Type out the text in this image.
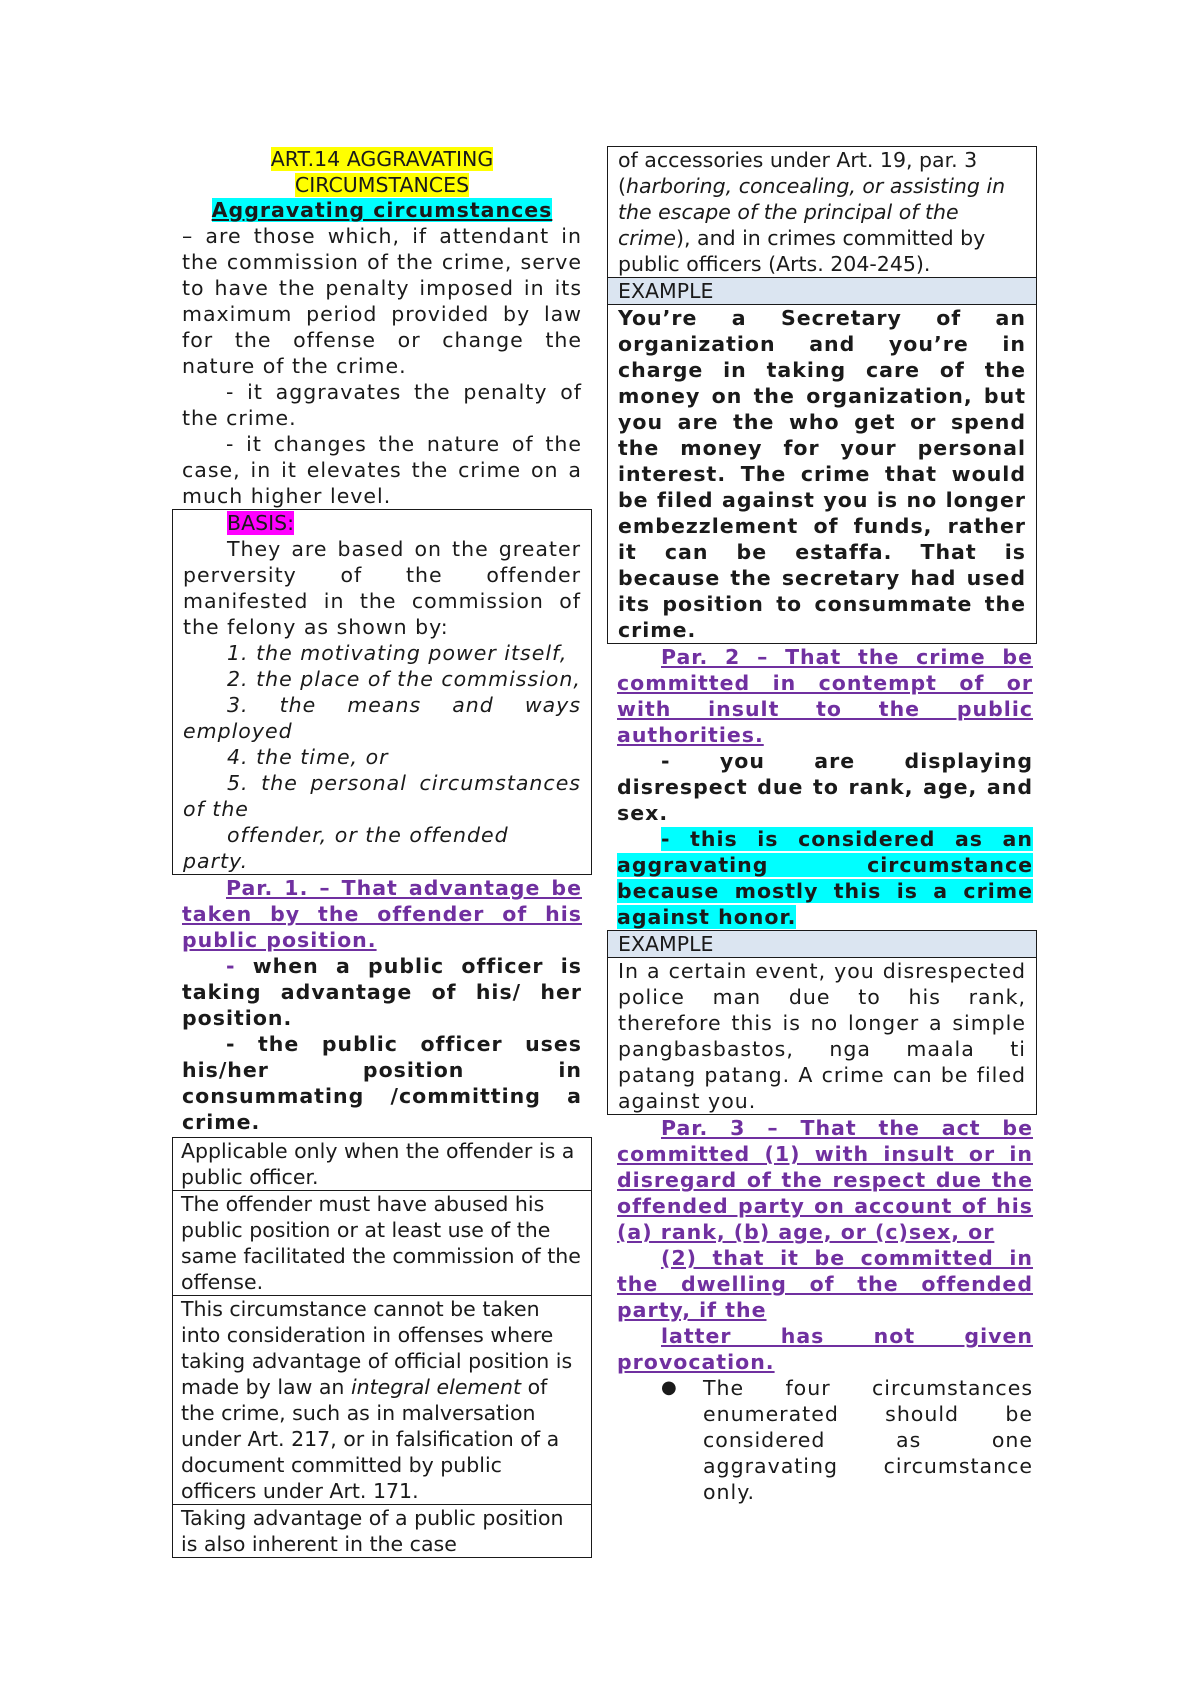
ART.14 AGGRAVATING
CIRCUMSTANCES

Aggravating circumstances

– are those which, if attendant in the commission of the crime, serve to have the penalty imposed in its maximum period provided by law for the offense or change the nature of the crime.

- it aggravates the penalty of the crime.

- it changes the nature of the case, in it elevates the crime on a much higher level.

BASIS:

They are based on the greater perversity of the offender manifested in the commission of the felony as shown by:

1. the motivating power itself,

2. the place of the commission,

3. the means and ways employed

4. the time, or

5. the personal circumstances of the

offender, or the offended party.

Par. 1. – That advantage be taken by the offender of his public position.

- when a public officer is taking advantage of his/ her position.

- the public officer uses his/her position in consummating /committing a crime.

Applicable only when the offender is a public officer.

The offender must have abused his public position or at least use of the same facilitated the commission of the offense.

This circumstance cannot be taken into consideration in offenses where taking advantage of official position is made by law an integral element of the crime, such as in malversation under Art. 217, or in falsification of a document committed by public officers under Art. 171.

Taking advantage of a public position is also inherent in the case

of accessories under Art. 19, par. 3 (harboring, concealing, or assisting in the escape of the principal of the crime), and in crimes committed by public officers (Arts. 204-245).

EXAMPLE

You’re a Secretary of an organization and you’re in charge in taking care of the money on the organization, but you are the who get or spend the money for your personal interest. The crime that would be filed against you is no longer embezzlement of funds, rather it can be estaffa. That is because the secretary had used its position to consummate the crime.

Par. 2 – That the crime be committed in contempt of or with insult to the public authorities.

- you are displaying disrespect due to rank, age, and sex.

- this is considered as an aggravating circumstance because mostly this is a crime against honor.

EXAMPLE

In a certain event, you disrespected police man due to his rank, therefore this is no longer a simple pangbasbastos, nga maala ti patang patang. A crime can be filed against you.

Par. 3 – That the act be committed (1) with insult or in disregard of the respect due the offended party on account of his (a) rank, (b) age, or (c)sex, or

(2) that it be committed in the dwelling of the offended party, if the

latter has not given

provocation.

●	The four circumstances enumerated should be considered as one aggravating circumstance only.
